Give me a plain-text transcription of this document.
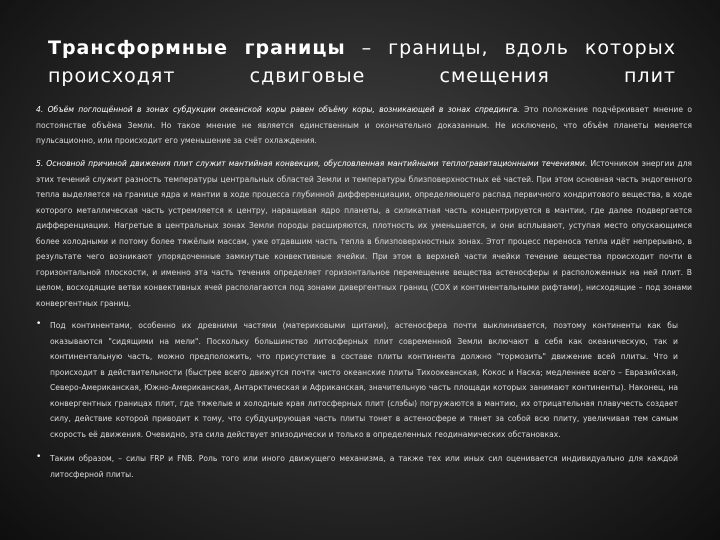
Трансформные границы – границы, вдоль которых происходят сдвиговые смещения плит
4. Объём поглощённой в зонах субдукции океанской коры равен объёму коры, возникающей в зонах спрединга. Это положение подчёркивает мнение о постоянстве объёма Земли. Но такое мнение не является единственным и окончательно доказанным. Не исключено, что объём планеты меняется пульсационно, или происходит его уменьшение за счёт охлаждения.
5. Основной причиной движения плит служит мантийная конвекция, обусловленная мантийными теплогравитационными течениями. Источником энергии для этих течений служит разность температуры центральных областей Земли и температуры близповерхностных её частей. При этом основная часть эндогенного тепла выделяется на границе ядра и мантии в ходе процесса глубинной дифференциации, определяющего распад первичного хондритового вещества, в ходе которого металлическая часть устремляется к центру, наращивая ядро планеты, а силикатная часть концентрируется в мантии, где далее подвергается дифференциации. Нагретые в центральных зонах Земли породы расширяются, плотность их уменьшается, и они всплывают, уступая место опускающимся более холодными и потому более тяжёлым массам, уже отдавшим часть тепла в близповерхностных зонах. Этот процесс переноса тепла идёт непрерывно, в результате чего возникают упорядоченные замкнутые конвективные ячейки. При этом в верхней части ячейки течение вещества происходит почти в горизонтальной плоскости, и именно эта часть течения определяет горизонтальное перемещение вещества астеносферы и расположенных на ней плит. В целом, восходящие ветви конвективных ячей располагаются под зонами дивергентных границ (СОХ и континентальными рифтами), нисходящие – под зонами конвергентных границ.
• Под континентами, особенно их древними частями (материковыми щитами), астеносфера почти выклинивается, поэтому континенты как бы оказываются "сидящими на мели". Поскольку большинство литосферных плит современной Земли включают в себя как океаническую, так и континентальную часть, можно предположить, что присутствие в составе плиты континента должно "тормозить" движение всей плиты. Что и происходит в действительности (быстрее всего движутся почти чисто океанские плиты Тихоокеанская, Кокос и Наска; медленнее всего – Евразийская, Северо-Американская, Южно-Американская, Антарктическая и Африканская, значительную часть площади которых занимают континенты). Наконец, на конвергентных границах плит, где тяжелые и холодные края литосферных плит (слэбы) погружаются в мантию, их отрицательная плавучесть создает силу, действие которой приводит к тому, что субдуцирующая часть плиты тонет в астеносфере и тянет за собой всю плиту, увеличивая тем самым скорость её движения. Очевидно, эта сила действует эпизодически и только в определенных геодинамических обстановках.
• Таким образом, – силы FRP и FNB. Роль того или иного движущего механизма, а также тех или иных сил оценивается индивидуально для каждой литосферной плиты.
